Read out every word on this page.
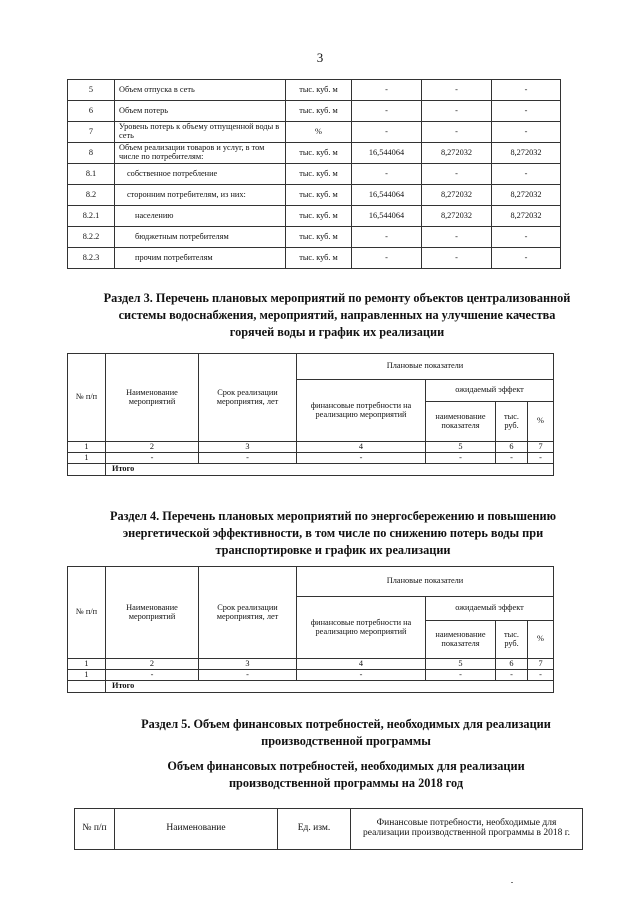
3
5	Объем отпуска в сеть	тыс. куб. м	-	-	-
6	Объем потерь	тыс. куб. м	-	-	-
7	Уровень потерь к объему отпущенной воды в сеть	%	-	-	-
8	Объем реализации товаров и услуг, в том числе по потребителям:	тыс. куб. м	16,544064	8,272032	8,272032
8.1	собственное потребление	тыс. куб. м	-	-	-
8.2	сторонним потребителям, из них:	тыс. куб. м	16,544064	8,272032	8,272032
8.2.1	населению	тыс. куб. м	16,544064	8,272032	8,272032
8.2.2	бюджетным потребителям	тыс. куб. м	-	-	-
8.2.3	прочим потребителям	тыс. куб. м	-	-	-

Раздел 3. Перечень плановых мероприятий по ремонту объектов централизованной системы водоснабжения, мероприятий, направленных на улучшение качества горячей воды и график их реализации

№ п/п	Наименование мероприятий	Срок реализации мероприятия, лет	Плановые показатели			
			финансовые потребности на реализацию мероприятий	ожидаемый эффект		
				наименование показателя	тыс. руб.	%
1	2	3	4	5	6	7
1	-	-	-	-	-	-
	Итого					

Раздел 4. Перечень плановых мероприятий по энергосбережению и повышению энергетической эффективности, в том числе по снижению потерь воды при транспортировке и график их реализации

№ п/п	Наименование мероприятий	Срок реализации мероприятия, лет	Плановые показатели			
			финансовые потребности на реализацию мероприятий	ожидаемый эффект		
				наименование показателя	тыс. руб.	%
1	2	3	4	5	6	7
1	-	-	-	-	-	-
	Итого					

Раздел 5. Объем финансовых потребностей, необходимых для реализации производственной программы

Объем финансовых потребностей, необходимых для реализации производственной программы на 2018 год

№ п/п	Наименование	Ед. изм.	Финансовые потребности, необходимые для реализации производственной программы в 2018 г.
